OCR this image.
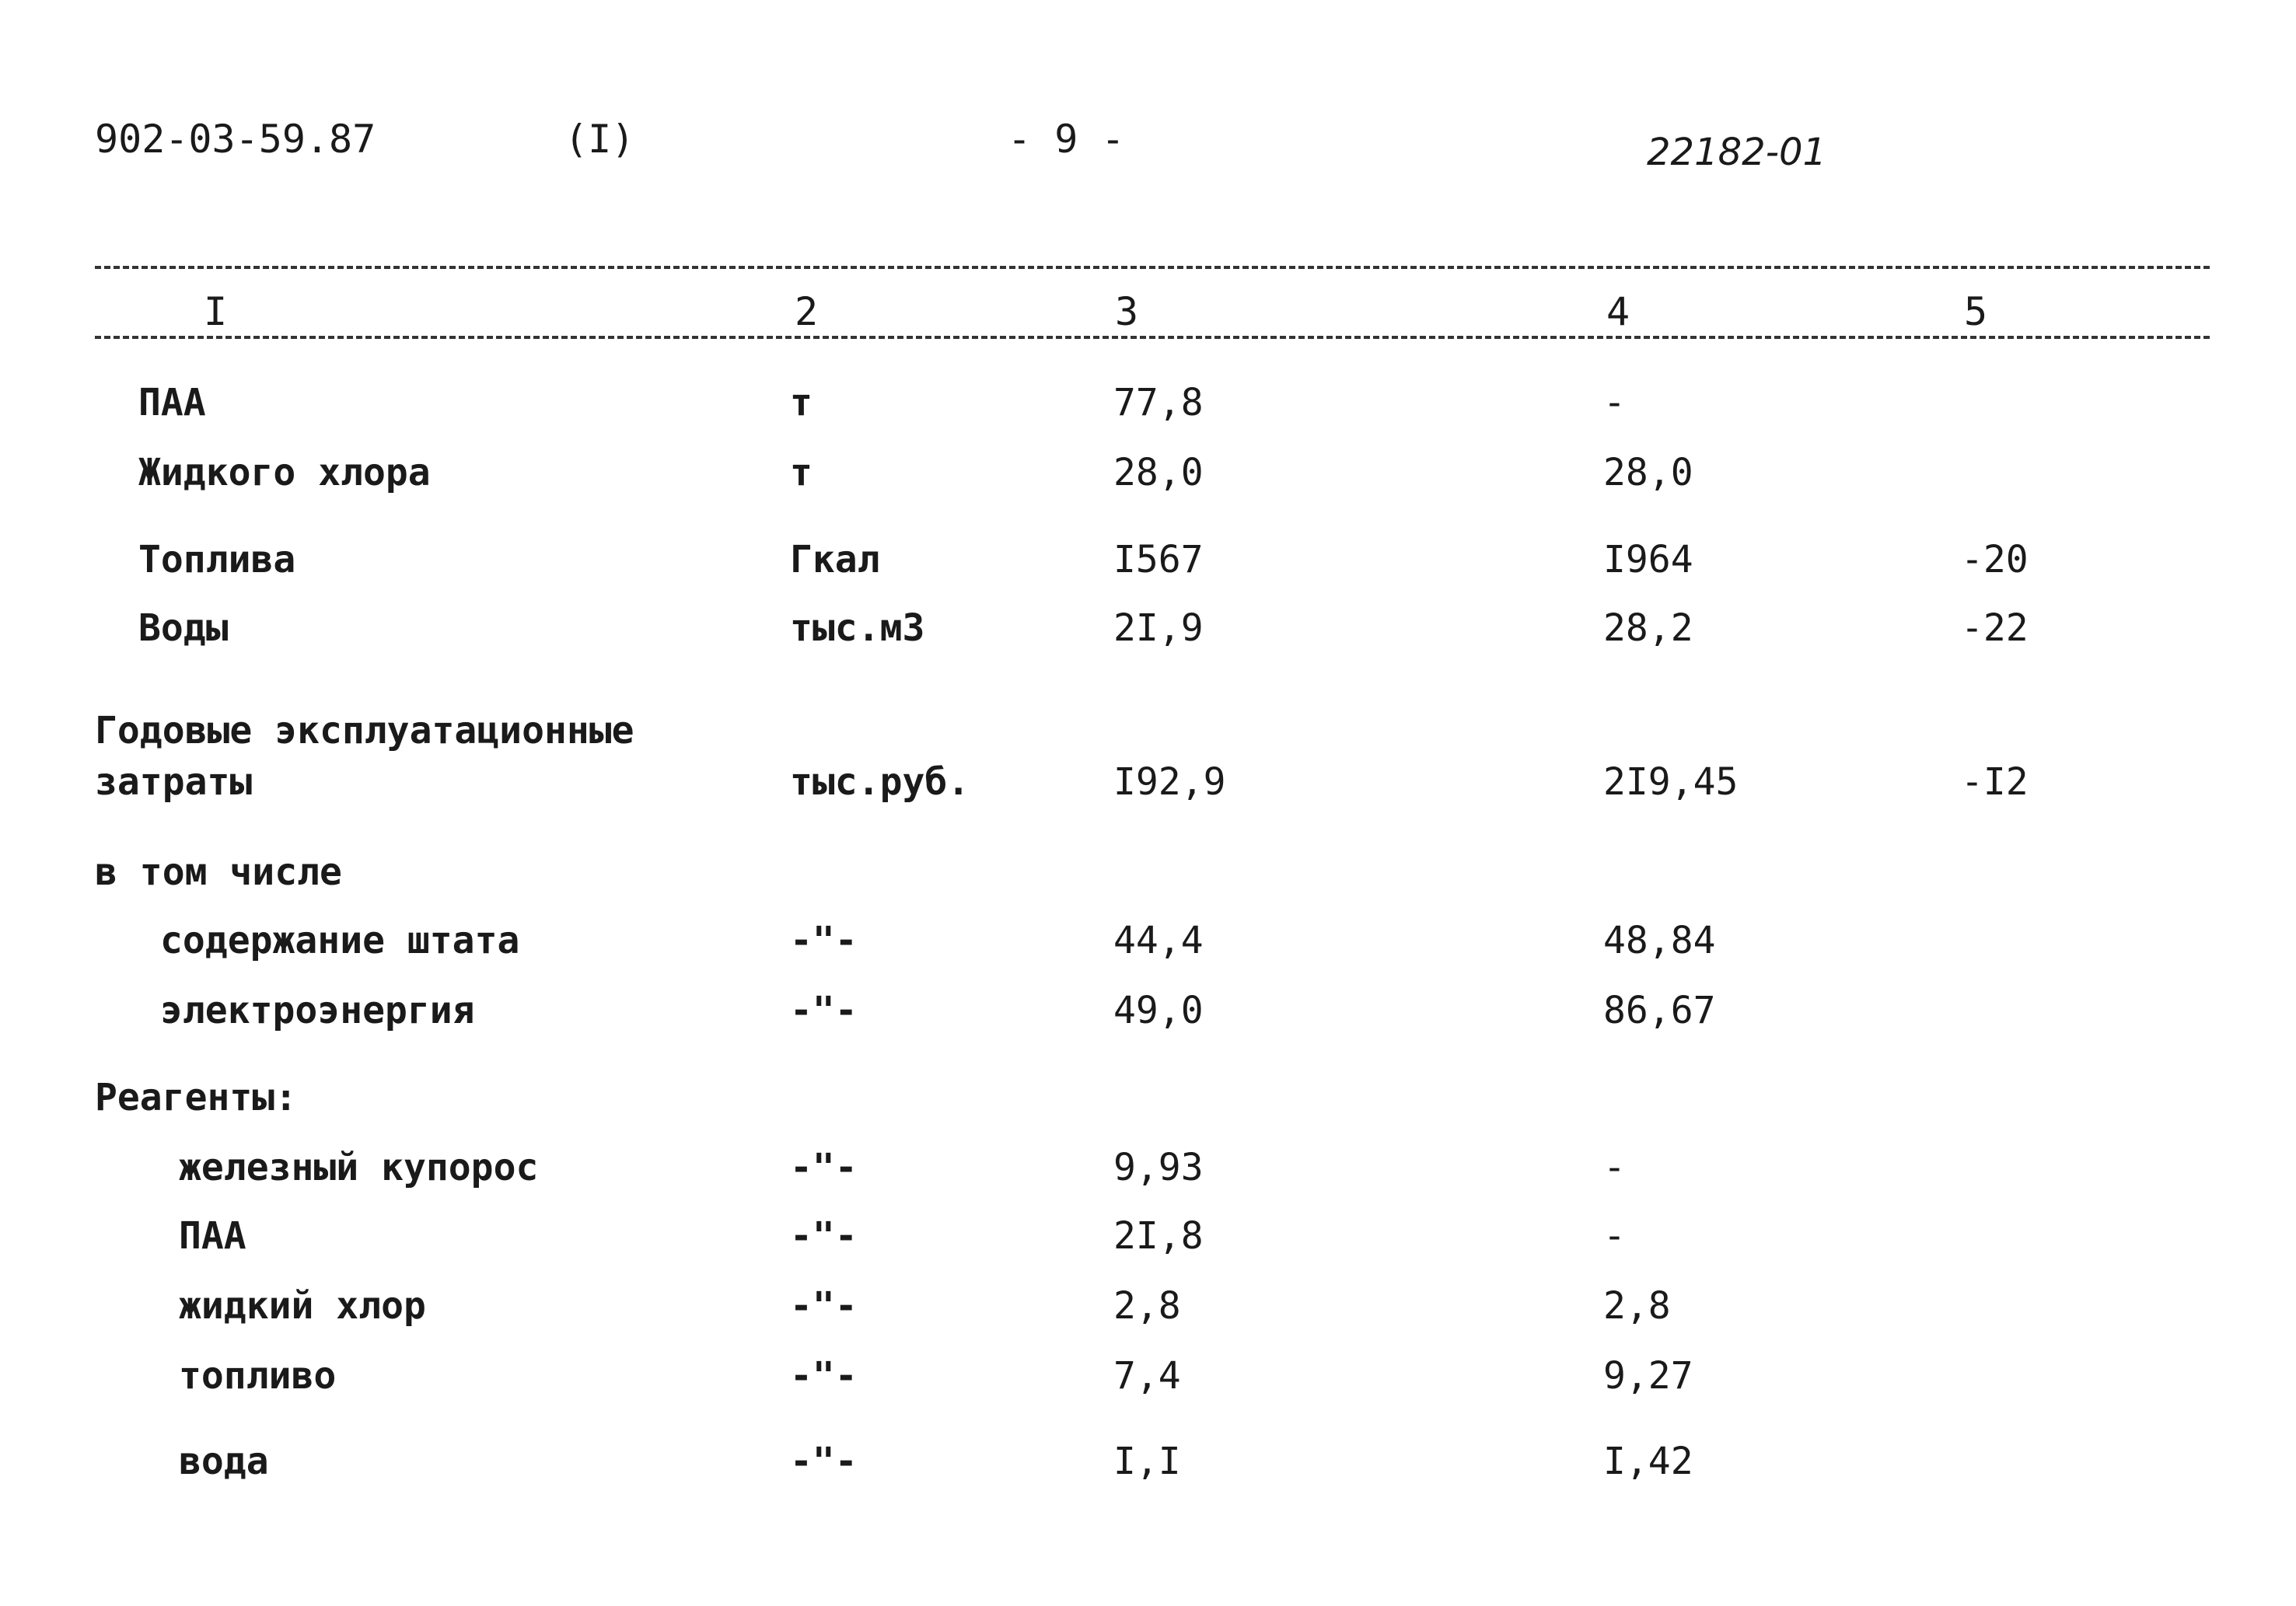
902-03-59.87	(I)	- 9 -	22182-01
I	2	3	4	5
ПАА	т	77,8	-
Жидкого хлора	т	28,0	28,0
Топлива	Гкал	I567	I964	-20
Воды	тыс.м3	2I,9	28,2	-22
Годовые эксплуатационные
затраты	тыс.руб.	I92,9	2I9,45	-I2
в том числе
содержание штата	-"-	44,4	48,84
электроэнергия	-"-	49,0	86,67
Реагенты:
железный купорос	-"-	9,93	-
ПАА	-"-	2I,8	-
жидкий хлор	-"-	2,8	2,8
топливо	-"-	7,4	9,27
вода	-"-	I,I	I,42
